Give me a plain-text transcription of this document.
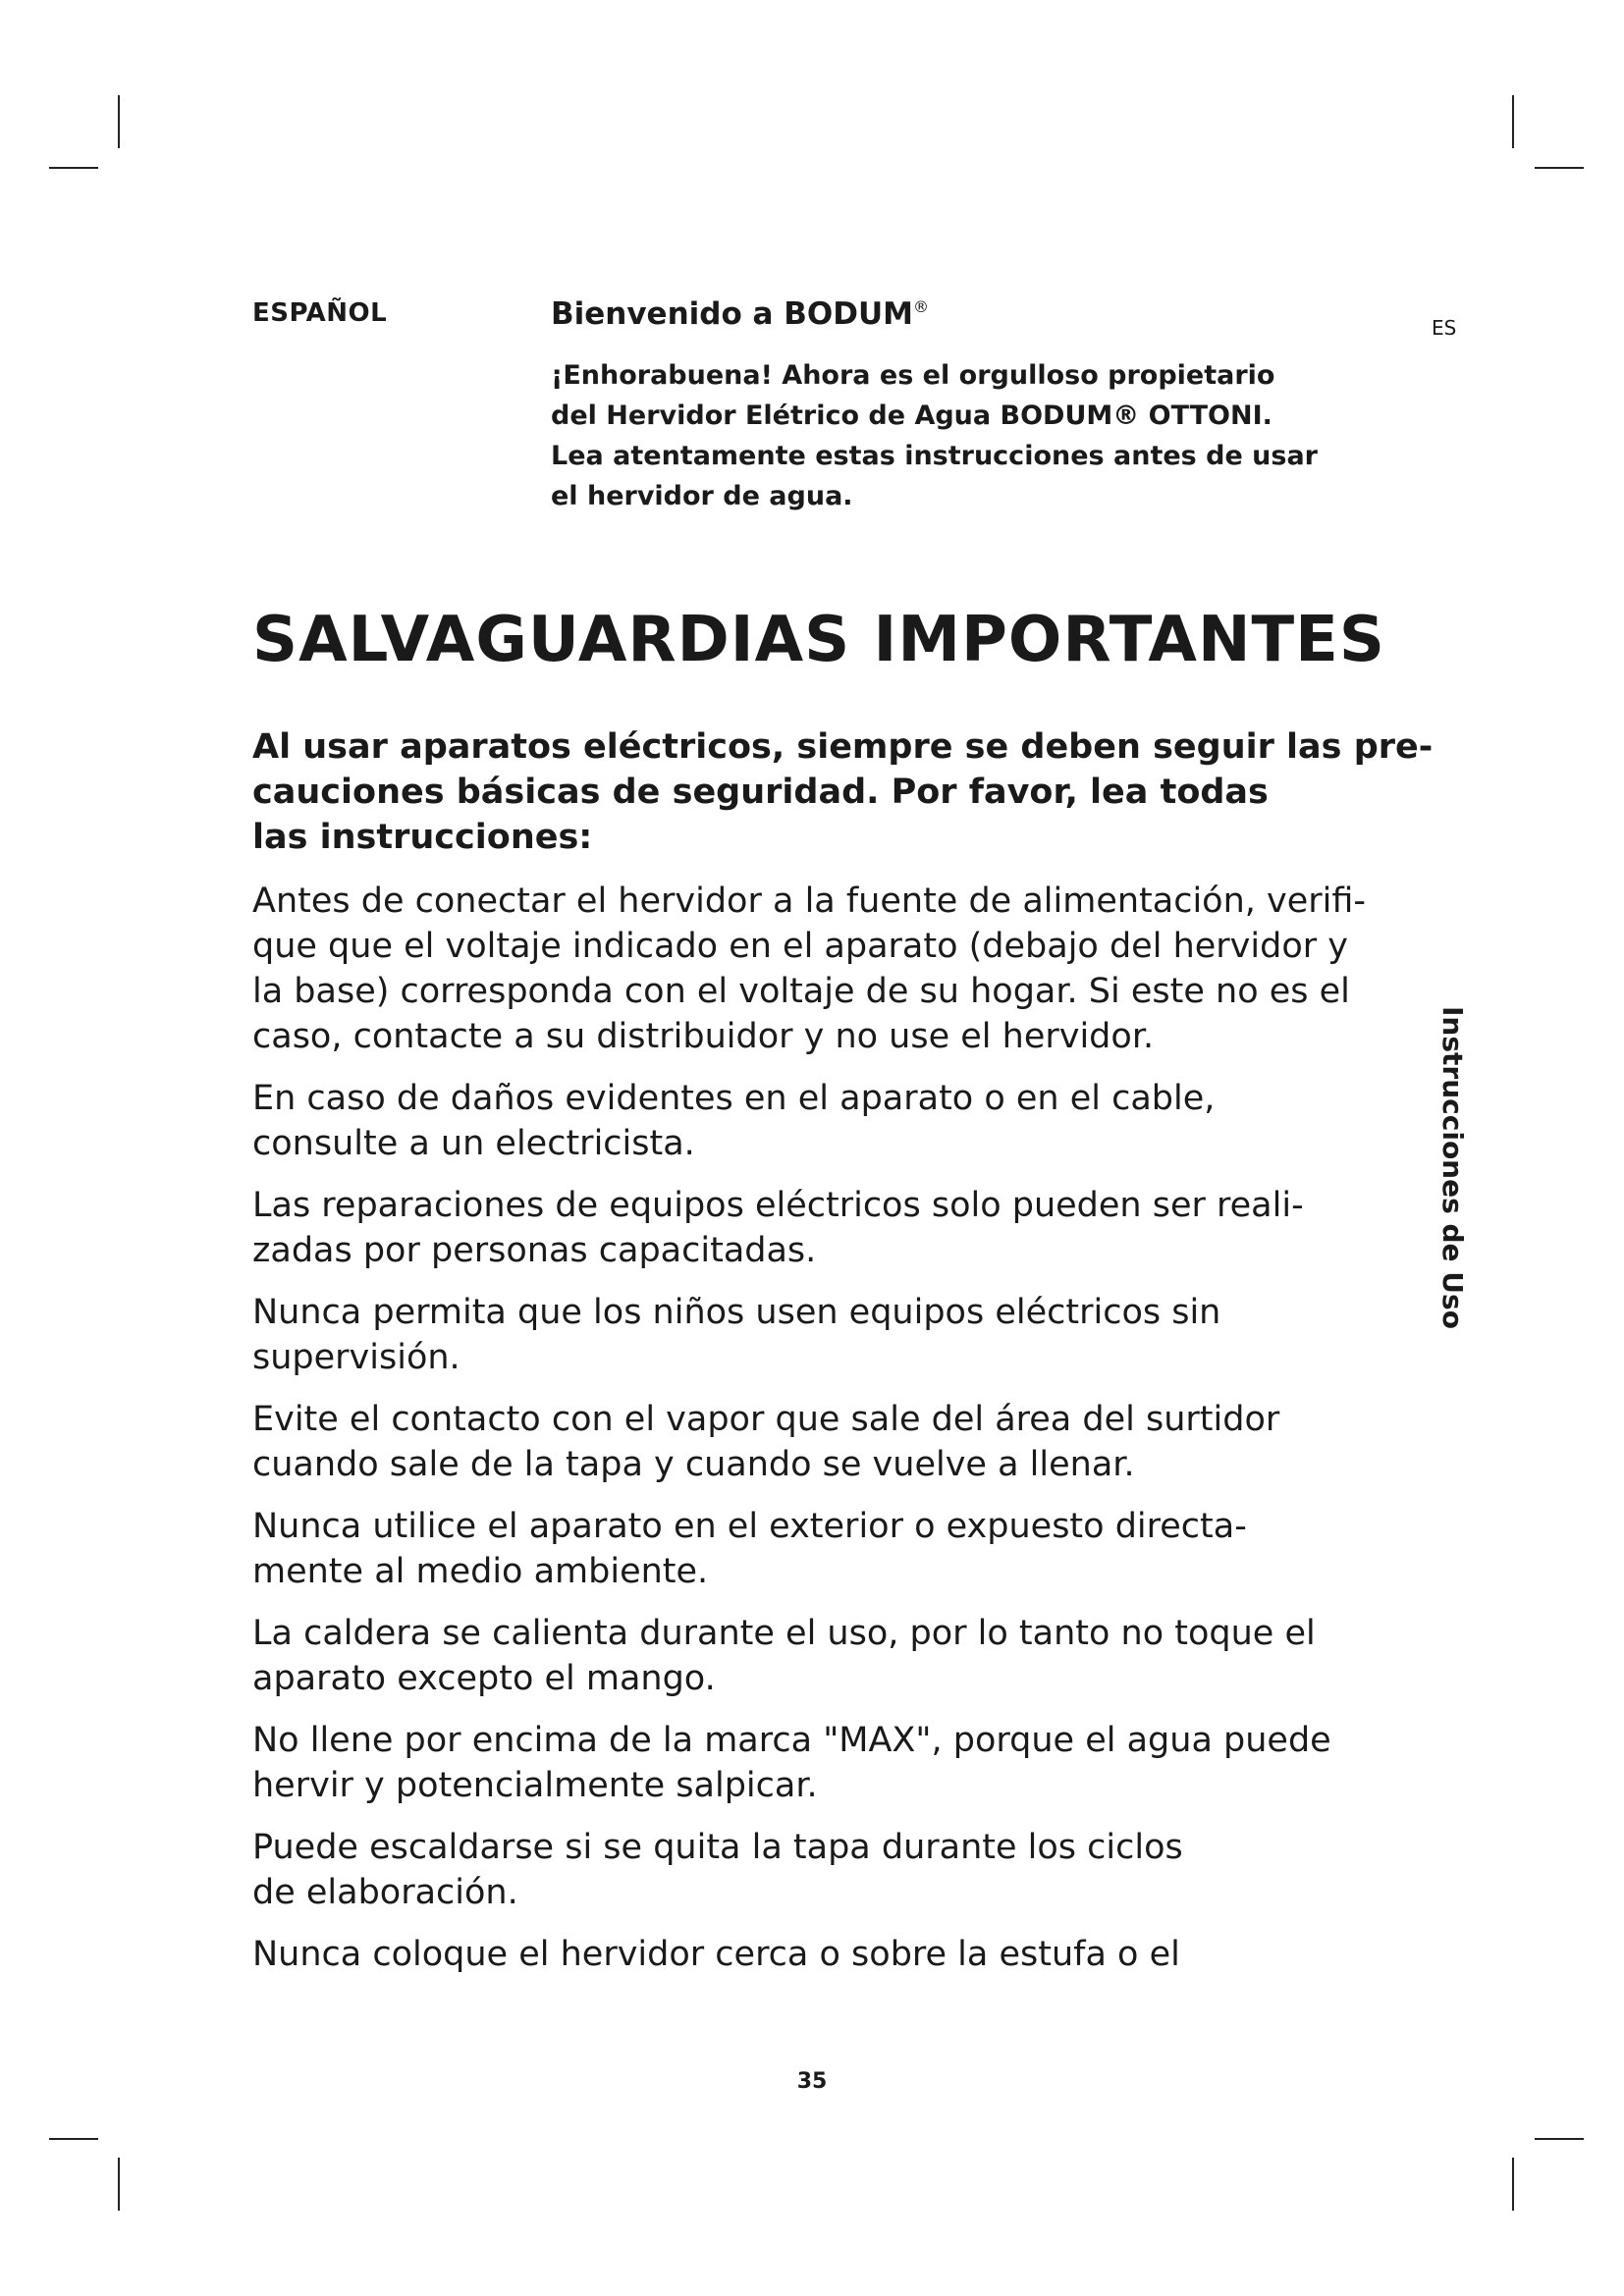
ESPAÑOL	Bienvenido a BODUM®
ES
¡Enhorabuena! Ahora es el orgulloso propietario
del Hervidor Elétrico de Agua BODUM® OTTONI.
Lea atentamente estas instrucciones antes de usar
el hervidor de agua.
SALVAGUARDIAS IMPORTANTES
Al usar aparatos eléctricos, siempre se deben seguir las pre-
cauciones básicas de seguridad. Por favor, lea todas
las instrucciones:
Antes de conectar el hervidor a la fuente de alimentación, verifi-
que que el voltaje indicado en el aparato (debajo del hervidor y
la base) corresponda con el voltaje de su hogar. Si este no es el
caso, contacte a su distribuidor y no use el hervidor.
En caso de daños evidentes en el aparato o en el cable,
consulte a un electricista.
Las reparaciones de equipos eléctricos solo pueden ser reali-
zadas por personas capacitadas.
Nunca permita que los niños usen equipos eléctricos sin
supervisión.
Evite el contacto con el vapor que sale del área del surtidor
cuando sale de la tapa y cuando se vuelve a llenar.
Nunca utilice el aparato en el exterior o expuesto directa-
mente al medio ambiente.
La caldera se calienta durante el uso, por lo tanto no toque el
aparato excepto el mango.
No llene por encima de la marca "MAX", porque el agua puede
hervir y potencialmente salpicar.
Puede escaldarse si se quita la tapa durante los ciclos
de elaboración.
Nunca coloque el hervidor cerca o sobre la estufa o el
Instrucciones de Uso
35
